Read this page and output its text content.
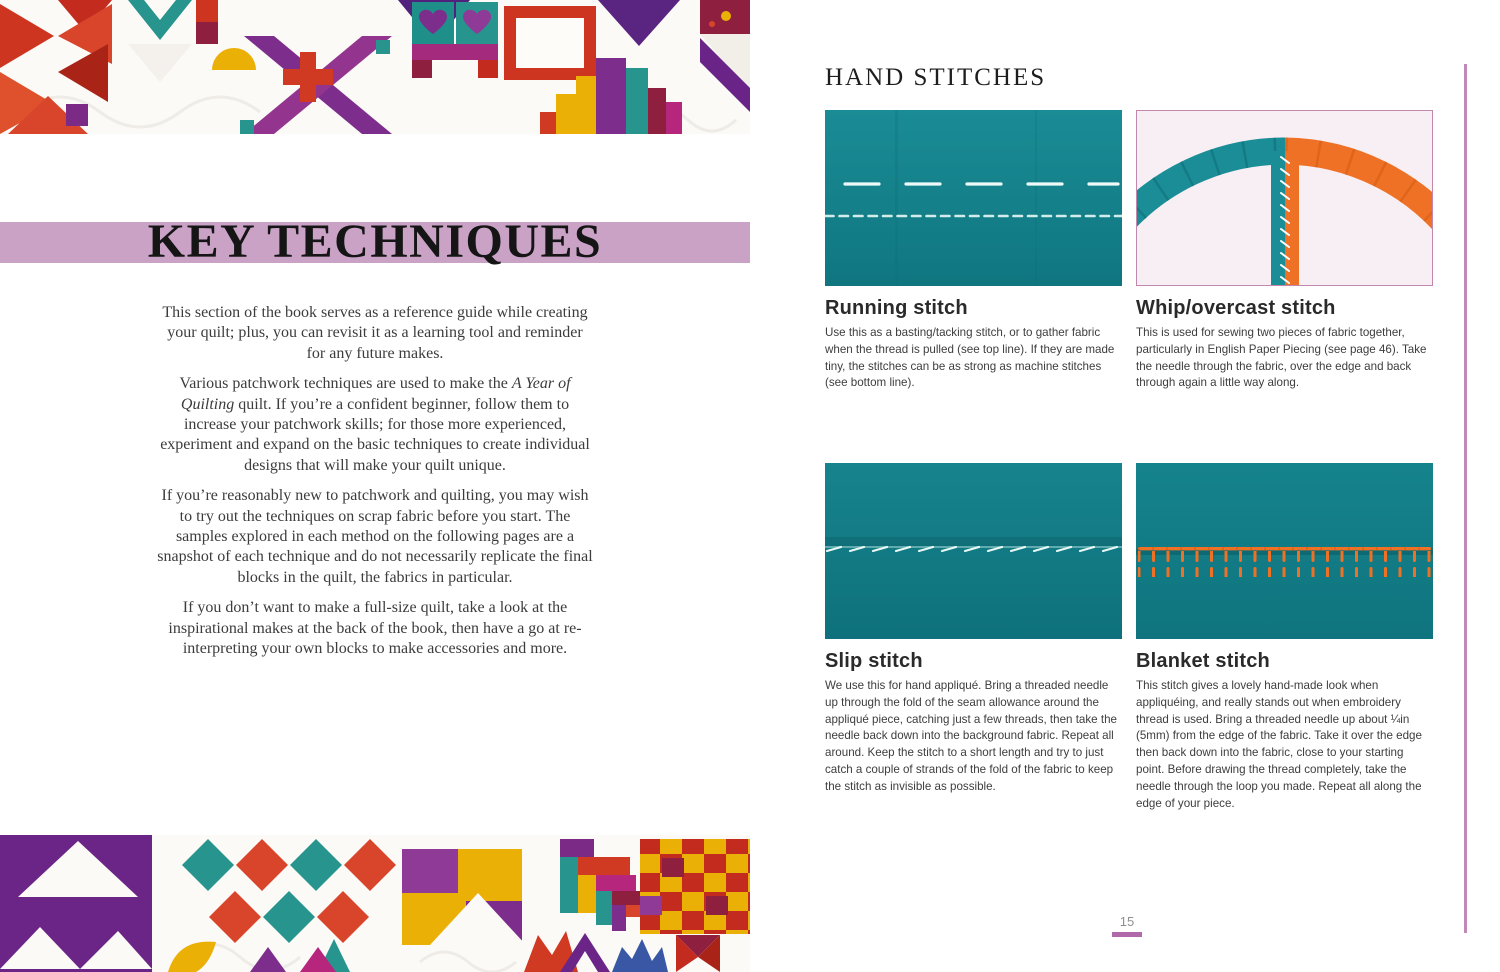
KEY TECHNIQUES

This section of the book serves as a reference guide while creating your quilt; plus, you can revisit it as a learning tool and reminder for any future makes.

Various patchwork techniques are used to make the A Year of Quilting quilt. If you’re a confident beginner, follow them to increase your patchwork skills; for those more experienced, experiment and expand on the basic techniques to create individual designs that will make your quilt unique.

If you’re reasonably new to patchwork and quilting, you may wish to try out the techniques on scrap fabric before you start. The samples explored in each method on the following pages are a snapshot of each technique and do not necessarily replicate the final blocks in the quilt, the fabrics in particular.

If you don’t want to make a full-size quilt, take a look at the inspirational makes at the back of the book, then have a go at re-interpreting your own blocks to make accessories and more.

HAND STITCHES
Running stitch

Use this as a basting/tacking stitch, or to gather fabric when the thread is pulled (see top line). If they are made tiny, the stitches can be as strong as machine stitches (see bottom line).

Whip/overcast stitch

This is used for sewing two pieces of fabric together, particularly in English Paper Piecing (see page 46). Take the needle through the fabric, over the edge and back through again a little way along.

Slip stitch

We use this for hand appliqué. Bring a threaded needle up through the fold of the seam allowance around the appliqué piece, catching just a few threads, then take the needle back down into the background fabric. Repeat all around. Keep the stitch to a short length and try to just catch a couple of strands of the fold of the fabric to keep the stitch as invisible as possible.

Blanket stitch

This stitch gives a lovely hand-made look when appliquéing, and really stands out when embroidery thread is used. Bring a threaded needle up about ¼in (5mm) from the edge of the fabric. Take it over the edge then back down into the fabric, close to your starting point. Before drawing the thread completely, take the needle through the loop you made. Repeat all along the edge of your piece.

15
